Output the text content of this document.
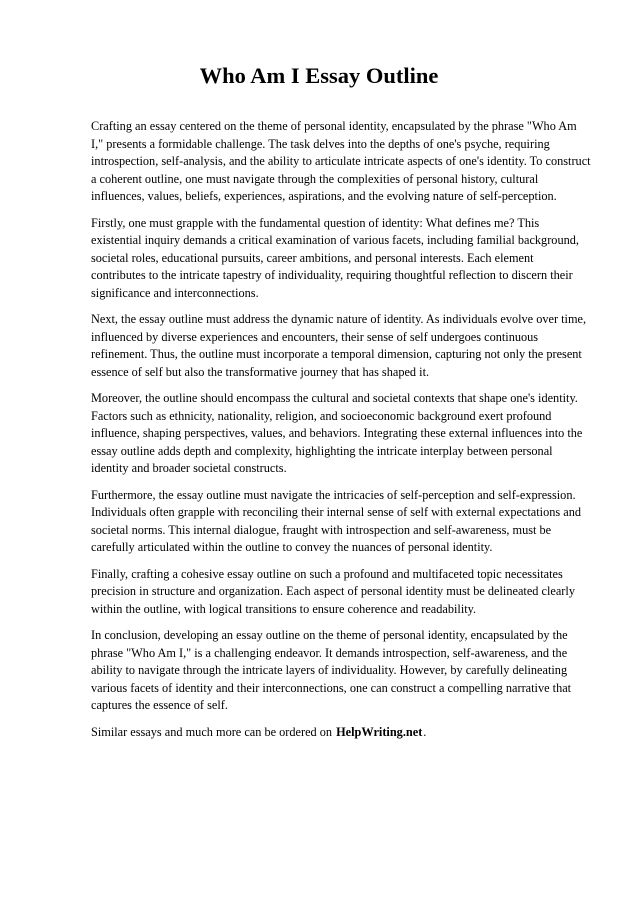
Who Am I Essay Outline

Crafting an essay centered on the theme of personal identity, encapsulated by the phrase "Who Am I," presents a formidable challenge. The task delves into the depths of one's psyche, requiring introspection, self-analysis, and the ability to articulate intricate aspects of one's identity. To construct a coherent outline, one must navigate through the complexities of personal history, cultural influences, values, beliefs, experiences, aspirations, and the evolving nature of self-perception.

Firstly, one must grapple with the fundamental question of identity: What defines me? This existential inquiry demands a critical examination of various facets, including familial background, societal roles, educational pursuits, career ambitions, and personal interests. Each element contributes to the intricate tapestry of individuality, requiring thoughtful reflection to discern their significance and interconnections.

Next, the essay outline must address the dynamic nature of identity. As individuals evolve over time, influenced by diverse experiences and encounters, their sense of self undergoes continuous refinement. Thus, the outline must incorporate a temporal dimension, capturing not only the present essence of self but also the transformative journey that has shaped it.

Moreover, the outline should encompass the cultural and societal contexts that shape one's identity. Factors such as ethnicity, nationality, religion, and socioeconomic background exert profound influence, shaping perspectives, values, and behaviors. Integrating these external influences into the essay outline adds depth and complexity, highlighting the intricate interplay between personal identity and broader societal constructs.

Furthermore, the essay outline must navigate the intricacies of self-perception and self-expression. Individuals often grapple with reconciling their internal sense of self with external expectations and societal norms. This internal dialogue, fraught with introspection and self-awareness, must be carefully articulated within the outline to convey the nuances of personal identity.

Finally, crafting a cohesive essay outline on such a profound and multifaceted topic necessitates precision in structure and organization. Each aspect of personal identity must be delineated clearly within the outline, with logical transitions to ensure coherence and readability.

In conclusion, developing an essay outline on the theme of personal identity, encapsulated by the phrase "Who Am I," is a challenging endeavor. It demands introspection, self-awareness, and the ability to navigate through the intricate layers of individuality. However, by carefully delineating various facets of identity and their interconnections, one can construct a compelling narrative that captures the essence of self.

Similar essays and much more can be ordered on HelpWriting.net.
